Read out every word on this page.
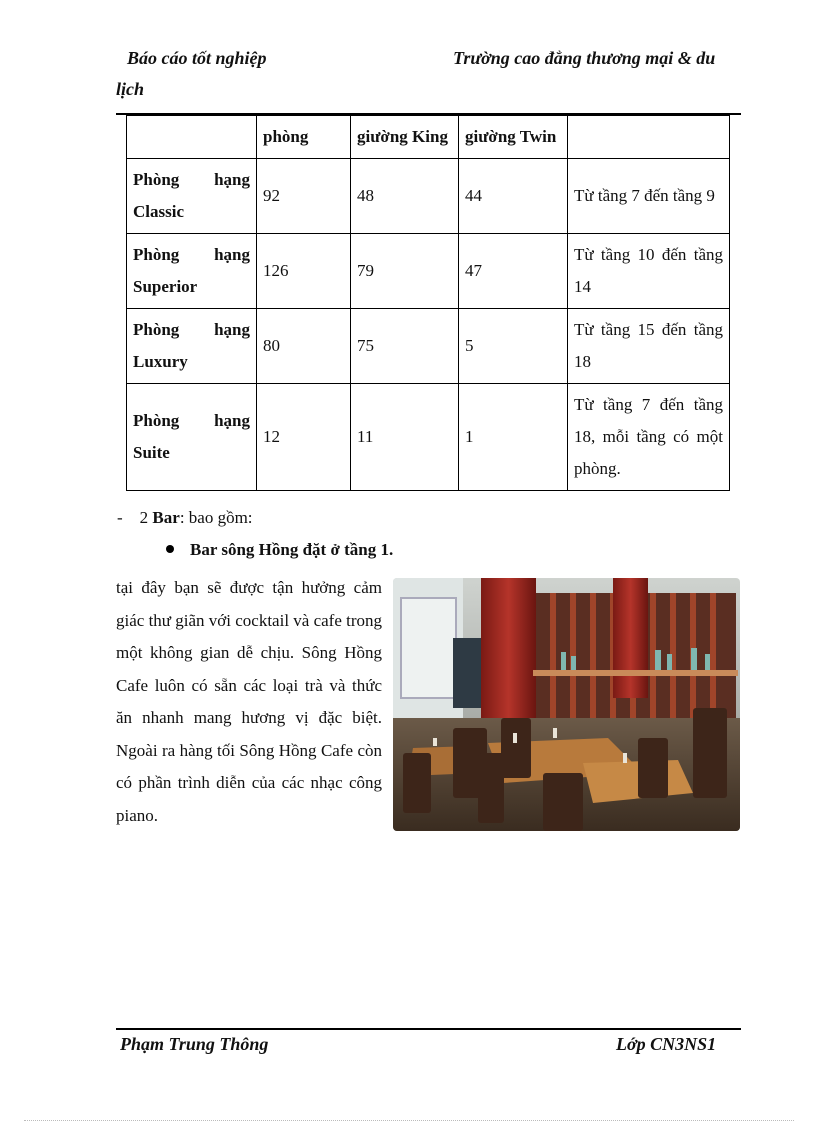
Báo cáo tốt nghiệp	Trường cao đẳng thương mại & du
lịch
	phòng	giường King	giường Twin	
Phòng hạng Classic	92	48	44	Từ tầng 7 đến tầng 9
Phòng hạng Superior	126	79	47	Từ tầng 10 đến tầng 14
Phòng hạng Luxury	80	75	5	Từ tầng 15 đến tầng 18
Phòng hạng Suite	12	11	1	Từ tầng 7 đến tầng 18, mỗi tầng có một phòng.
- 2 Bar: bao gồm:
Bar sông Hồng đặt ở tầng 1.
tại đây bạn sẽ được tận hưởng cảm giác thư giãn với cocktail và cafe trong một không gian dễ chịu. Sông Hồng Cafe luôn có sẵn các loại trà và thức ăn nhanh mang hương vị đặc biệt. Ngoài ra hàng tối Sông Hồng Cafe còn có phần trình diễn của các nhạc công piano.
Phạm Trung Thông	Lớp CN3NS1
